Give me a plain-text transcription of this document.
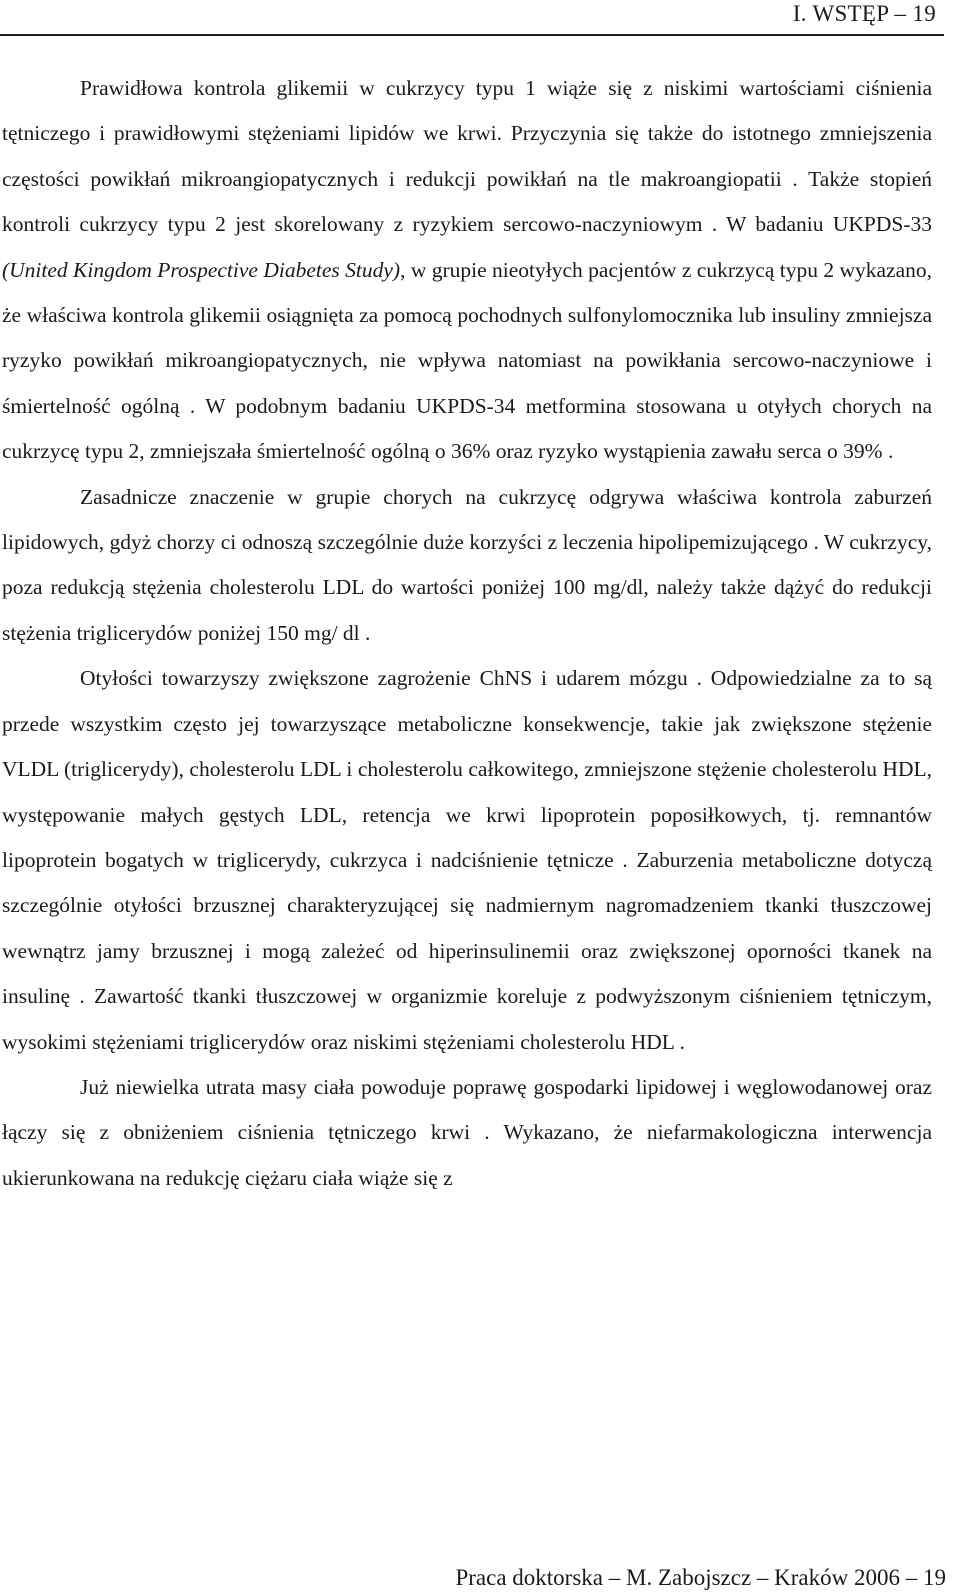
I. WSTĘP – 19

Prawidłowa kontrola glikemii w cukrzycy typu 1 wiąże się z niskimi wartościami ciśnienia tętniczego i prawidłowymi stężeniami lipidów we krwi. Przyczynia się także do istotnego zmniejszenia częstości powikłań mikroangiopatycznych i redukcji powikłań na tle makroangiopatii . Także stopień kontroli cukrzycy typu 2 jest skorelowany z ryzykiem sercowo-naczyniowym . W badaniu UKPDS-33 (United Kingdom Prospective Diabetes Study), w grupie nieotyłych pacjentów z cukrzycą typu 2 wykazano, że właściwa kontrola glikemii osiągnięta za pomocą pochodnych sulfonylomocznika lub insuliny zmniejsza ryzyko powikłań mikroangiopatycznych, nie wpływa natomiast na powikłania sercowo-naczyniowe i śmiertelność ogólną . W podobnym badaniu UKPDS-34 metformina stosowana u otyłych chorych na cukrzycę typu 2, zmniejszała śmiertelność ogólną o 36% oraz ryzyko wystąpienia zawału serca o 39% .

Zasadnicze znaczenie w grupie chorych na cukrzycę odgrywa właściwa kontrola zaburzeń lipidowych, gdyż chorzy ci odnoszą szczególnie duże korzyści z leczenia hipolipemizującego . W cukrzycy, poza redukcją stężenia cholesterolu LDL do wartości poniżej 100 mg/dl, należy także dążyć do redukcji stężenia triglicerydów poniżej 150 mg/ dl .

Otyłości towarzyszy zwiększone zagrożenie ChNS i udarem mózgu . Odpowiedzialne za to są przede wszystkim często jej towarzyszące metaboliczne konsekwencje, takie jak zwiększone stężenie VLDL (triglicerydy), cholesterolu LDL i cholesterolu całkowitego, zmniejszone stężenie cholesterolu HDL, występowanie małych gęstych LDL, retencja we krwi lipoprotein poposiłkowych, tj. remnantów lipoprotein bogatych w triglicerydy, cukrzyca i nadciśnienie tętnicze . Zaburzenia metaboliczne dotyczą szczególnie otyłości brzusznej charakteryzującej się nadmiernym nagromadzeniem tkanki tłuszczowej wewnątrz jamy brzusznej i mogą zależeć od hiperinsulinemii oraz zwiększonej oporności tkanek na insulinę . Zawartość tkanki tłuszczowej w organizmie koreluje z podwyższonym ciśnieniem tętniczym, wysokimi stężeniami triglicerydów oraz niskimi stężeniami cholesterolu HDL .

Już niewielka utrata masy ciała powoduje poprawę gospodarki lipidowej i węglowodanowej oraz łączy się z obniżeniem ciśnienia tętniczego krwi . Wykazano, że niefarmakologiczna interwencja ukierunkowana na redukcję ciężaru ciała wiąże się z

Praca doktorska – M. Zabojszcz – Kraków 2006 – 19
